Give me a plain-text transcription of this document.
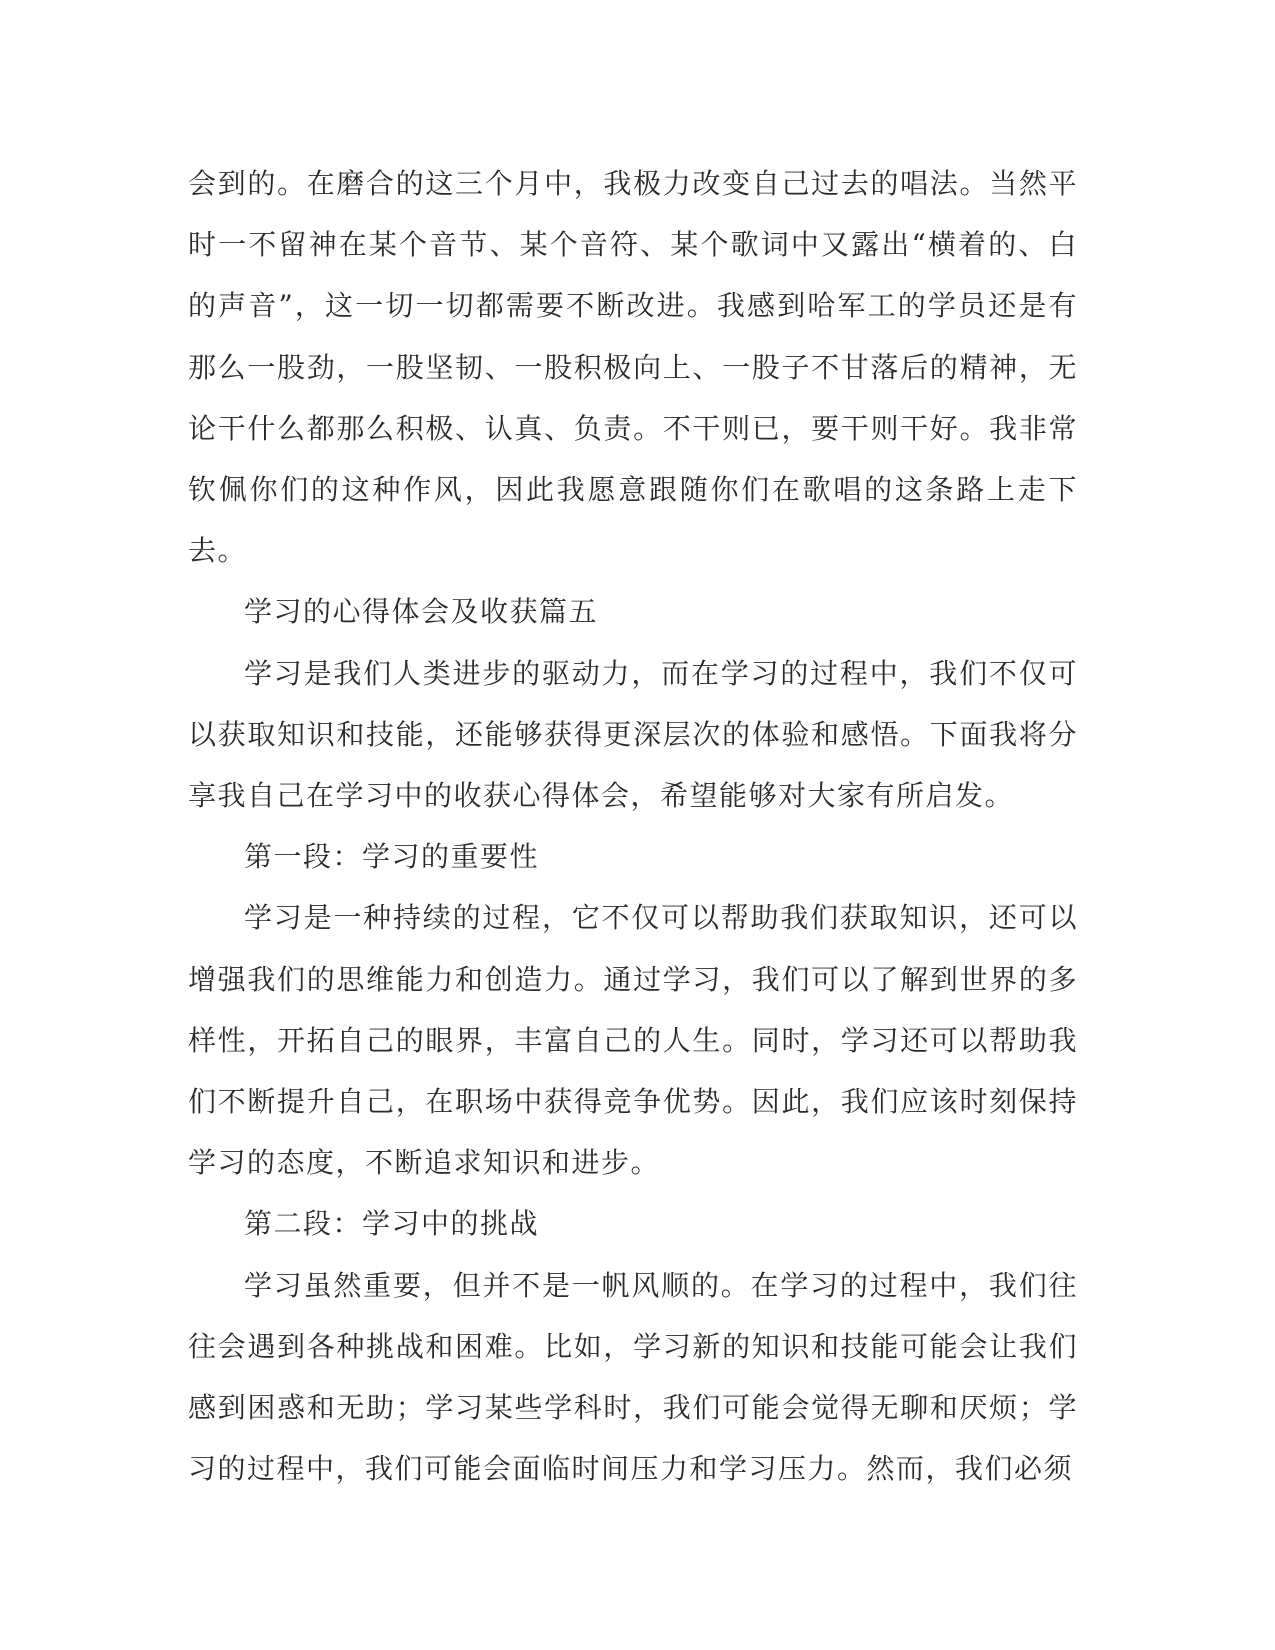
会到的。在磨合的这三个月中，我极力改变自己过去的唱法。当然平时一不留神在某个音节、某个音符、某个歌词中又露出“横着的、白的声音”，这一切一切都需要不断改进。我感到哈军工的学员还是有那么一股劲，一股坚韧、一股积极向上、一股子不甘落后的精神，无论干什么都那么积极、认真、负责。不干则已，要干则干好。我非常钦佩你们的这种作风，因此我愿意跟随你们在歌唱的这条路上走下去。

学习的心得体会及收获篇五

学习是我们人类进步的驱动力，而在学习的过程中，我们不仅可以获取知识和技能，还能够获得更深层次的体验和感悟。下面我将分享我自己在学习中的收获心得体会，希望能够对大家有所启发。

第一段：学习的重要性

学习是一种持续的过程，它不仅可以帮助我们获取知识，还可以增强我们的思维能力和创造力。通过学习，我们可以了解到世界的多样性，开拓自己的眼界，丰富自己的人生。同时，学习还可以帮助我们不断提升自己，在职场中获得竞争优势。因此，我们应该时刻保持学习的态度，不断追求知识和进步。

第二段：学习中的挑战

学习虽然重要，但并不是一帆风顺的。在学习的过程中，我们往往会遇到各种挑战和困难。比如，学习新的知识和技能可能会让我们感到困惑和无助；学习某些学科时，我们可能会觉得无聊和厌烦；学习的过程中，我们可能会面临时间压力和学习压力。然而，我们必须
